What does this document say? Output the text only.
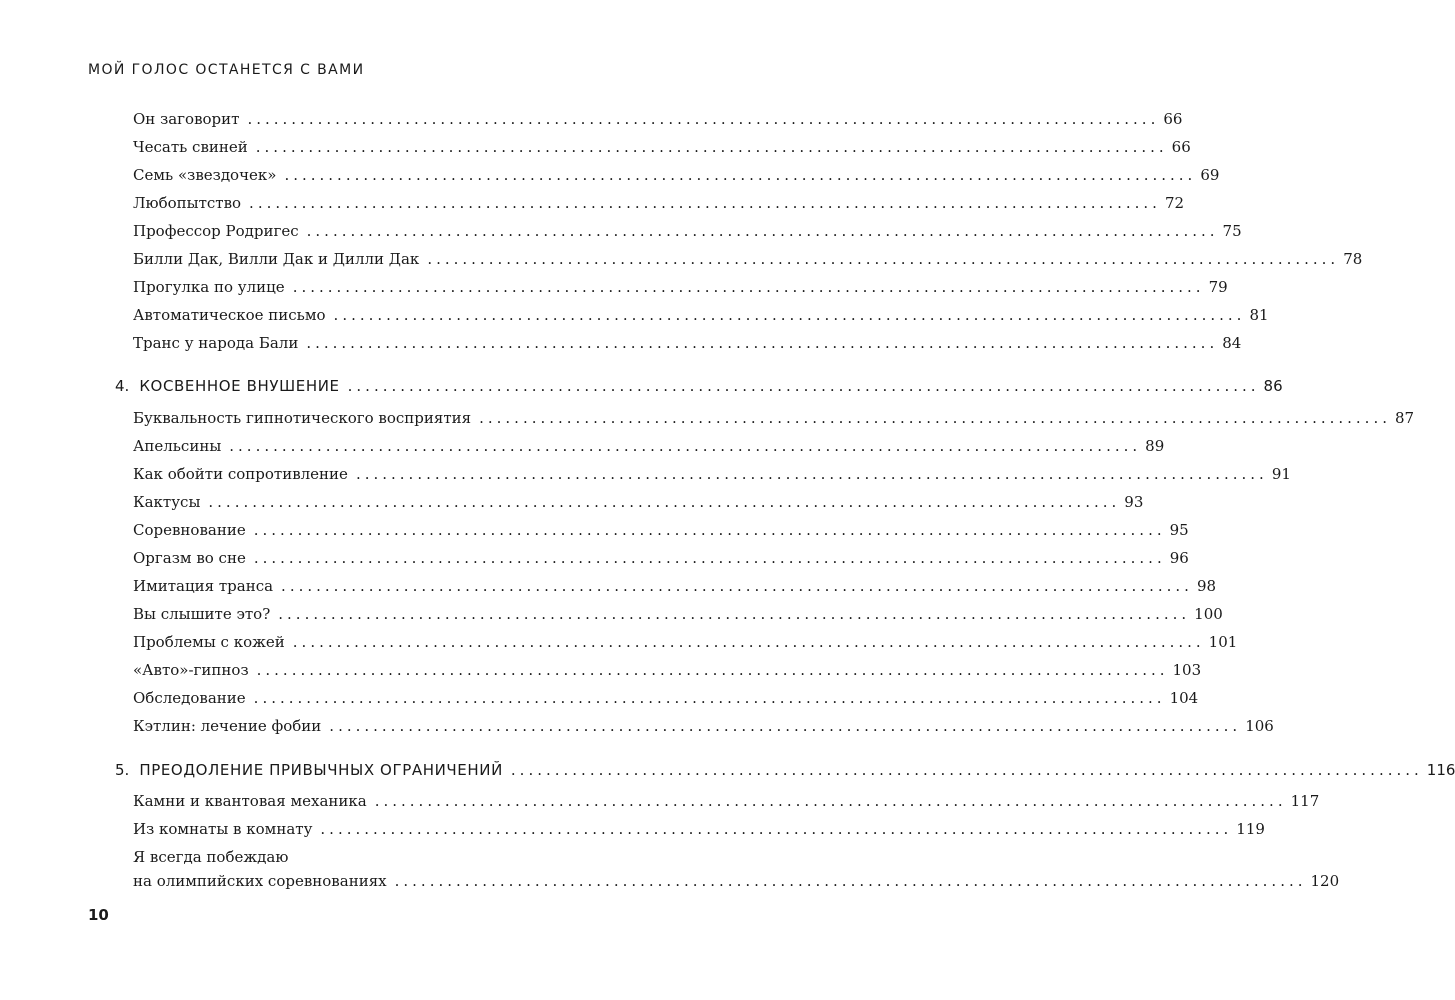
МОЙ ГОЛОС ОСТАНЕТСЯ С ВАМИ
Он заговорит ........................................................................................................ 66
Чесать свиней ........................................................................................................ 66
Семь «звездочек» ........................................................................................................ 69
Любопытство ........................................................................................................ 72
Профессор Родригес ........................................................................................................ 75
Билли Дак, Вилли Дак и Дилли Дак ........................................................................................................ 78
Прогулка по улице ........................................................................................................ 79
Автоматическое письмо ........................................................................................................ 81
Транс у народа Бали ........................................................................................................ 84
4. КОСВЕННОЕ ВНУШЕНИЕ ........................................................................................................ 86
Буквальность гипнотического восприятия ........................................................................................................ 87
Апельсины ........................................................................................................ 89
Как обойти сопротивление ........................................................................................................ 91
Кактусы ........................................................................................................ 93
Соревнование ........................................................................................................ 95
Оргазм во сне ........................................................................................................ 96
Имитация транса ........................................................................................................ 98
Вы слышите это? ........................................................................................................ 100
Проблемы с кожей ........................................................................................................ 101
«Авто»-гипноз ........................................................................................................ 103
Обследование ........................................................................................................ 104
Кэтлин: лечение фобии ........................................................................................................ 106
5. ПРЕОДОЛЕНИЕ ПРИВЫЧНЫХ ОГРАНИЧЕНИЙ ........................................................................................................ 116
Камни и квантовая механика ........................................................................................................ 117
Из комнаты в комнату ........................................................................................................ 119
Я всегда побеждаю
на олимпийских соревнованиях ........................................................................................................ 120
10
